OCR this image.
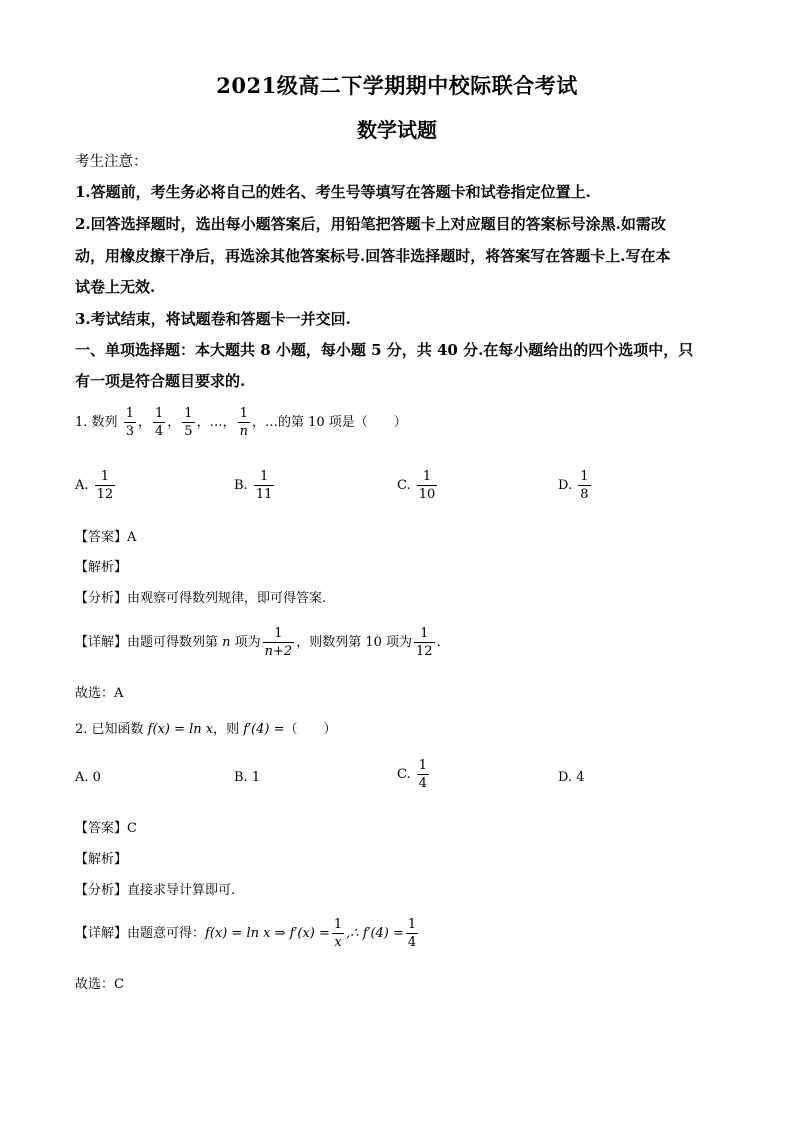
2021级高二下学期期中校际联合考试
数学试题
考生注意：
1.答题前，考生务必将自己的姓名、考生号等填写在答题卡和试卷指定位置上.
2.回答选择题时，选出每小题答案后，用铅笔把答题卡上对应题目的答案标号涂黑.如需改
动，用橡皮擦干净后，再选涂其他答案标号.回答非选择题时，将答案写在答题卡上.写在本
试卷上无效.
3.考试结束，将试题卷和答题卡一并交回.
一、单项选择题：本大题共 8 小题，每小题 5 分，共 40 分.在每小题给出的四个选项中，只
有一项是符合题目要求的.
1. 数列 $\frac{1}{3}$ ， $\frac{1}{4}$ ， $\frac{1}{5}$ ，…， $\frac{1}{n}$ ，…的第 10 项是（　　）
A. $\frac{1}{12}$	B. $\frac{1}{11}$	C. $\frac{1}{10}$	D. $\frac{1}{8}$
【答案】A
【解析】
【分析】由观察可得数列规律，即可得答案.
【详解】由题可得数列第 n 项为 $\frac{1}{n+2}$ ，则数列第 10 项为 $\frac{1}{12}$ .
故选：A
2. 已知函数 f(x) = ln x，则 f′(4) =（　　）
A. 0	B. 1	C. $\frac{1}{4}$	D. 4
【答案】C
【解析】
【分析】直接求导计算即可.
【详解】由题意可得：f(x) = ln x ⇒ $f'(x) = \frac{1}{x}$ ,∴ $f'(4) = \frac{1}{4}$
故选：C
